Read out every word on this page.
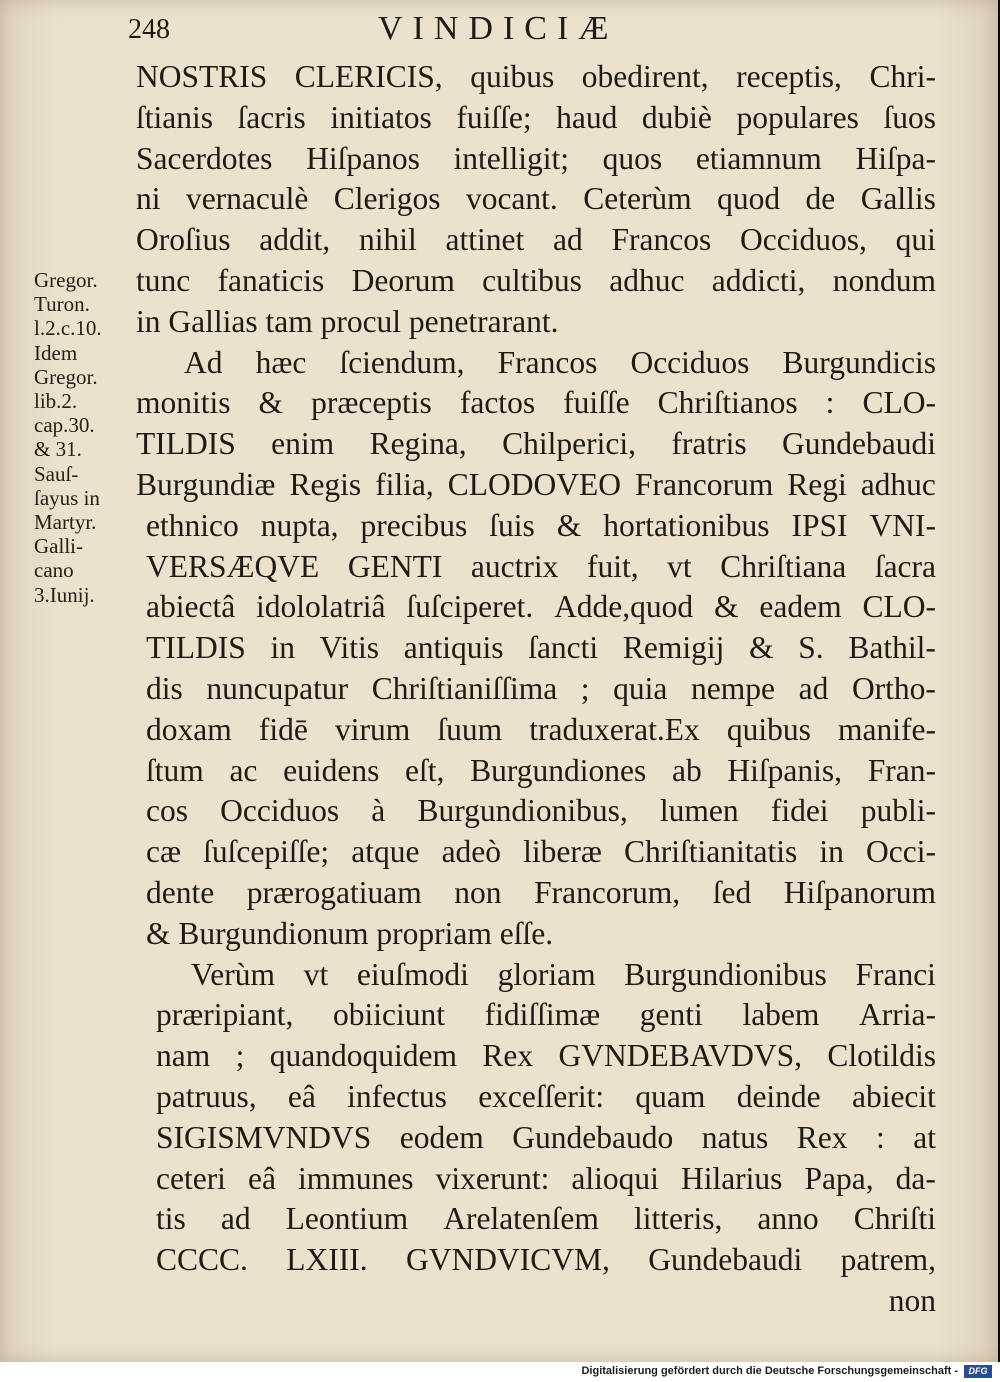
248	VINDICIÆ
Gregor.
Turon.
l.2.c.10.
Idem
Gregor.
lib.2.
cap.30.
& 31.
Sauſ-
ſayus in
Martyr.
Galli-
cano
3.Iunij.
NOSTRIS CLERICIS, quibus obedirent, receptis, Chri-
ſtianis ſacris initiatos fuiſſe; haud dubiè populares ſuos
Sacerdotes Hiſpanos intelligit; quos etiamnum Hiſpa-
ni vernaculè Clerigos vocant. Ceterùm quod de Gallis
Oroſius addit, nihil attinet ad Francos Occiduos, qui
tunc fanaticis Deorum cultibus adhuc addicti, nondum
in Gallias tam procul penetrarant.
Ad hæc ſciendum, Francos Occiduos Burgundicis
monitis & præceptis factos fuiſſe Chriſtianos : CLO-
TILDIS enim Regina, Chilperici, fratris Gundebaudi
Burgundiæ Regis filia, CLODOVEO Francorum Regi adhuc
ethnico nupta, precibus ſuis & hortationibus IPSI VNI-
VERSÆQVE GENTI auctrix fuit, vt Chriſtiana ſacra
abiectâ idololatriâ ſuſciperet. Adde,quod & eadem CLO-
TILDIS in Vitis antiquis ſancti Remigij & S. Bathil-
dis nuncupatur Chriſtianiſſima ; quia nempe ad Ortho-
doxam fidē virum ſuum traduxerat.Ex quibus manife-
ſtum ac euidens eſt, Burgundiones ab Hiſpanis, Fran-
cos Occiduos à Burgundionibus, lumen fidei publi-
cæ ſuſcepiſſe; atque adeò liberæ Chriſtianitatis in Occi-
dente prærogatiuam non Francorum, ſed Hiſpanorum
& Burgundionum propriam eſſe.
Verùm vt eiuſmodi gloriam Burgundionibus Franci
præripiant, obiiciunt fidiſſimæ genti labem Arria-
nam ; quandoquidem Rex GVNDEBAVDVS, Clotildis
patruus, eâ infectus exceſſerit: quam deinde abiecit
SIGISMVNDVS eodem Gundebaudo natus Rex : at
ceteri eâ immunes vixerunt: alioqui Hilarius Papa, da-
tis ad Leontium Arelatenſem litteris, anno Chriſti
CCCC. LXIII. GVNDVICVM, Gundebaudi patrem,
non
Digitalisierung gefördert durch die Deutsche Forschungsgemeinschaft -	DFG
